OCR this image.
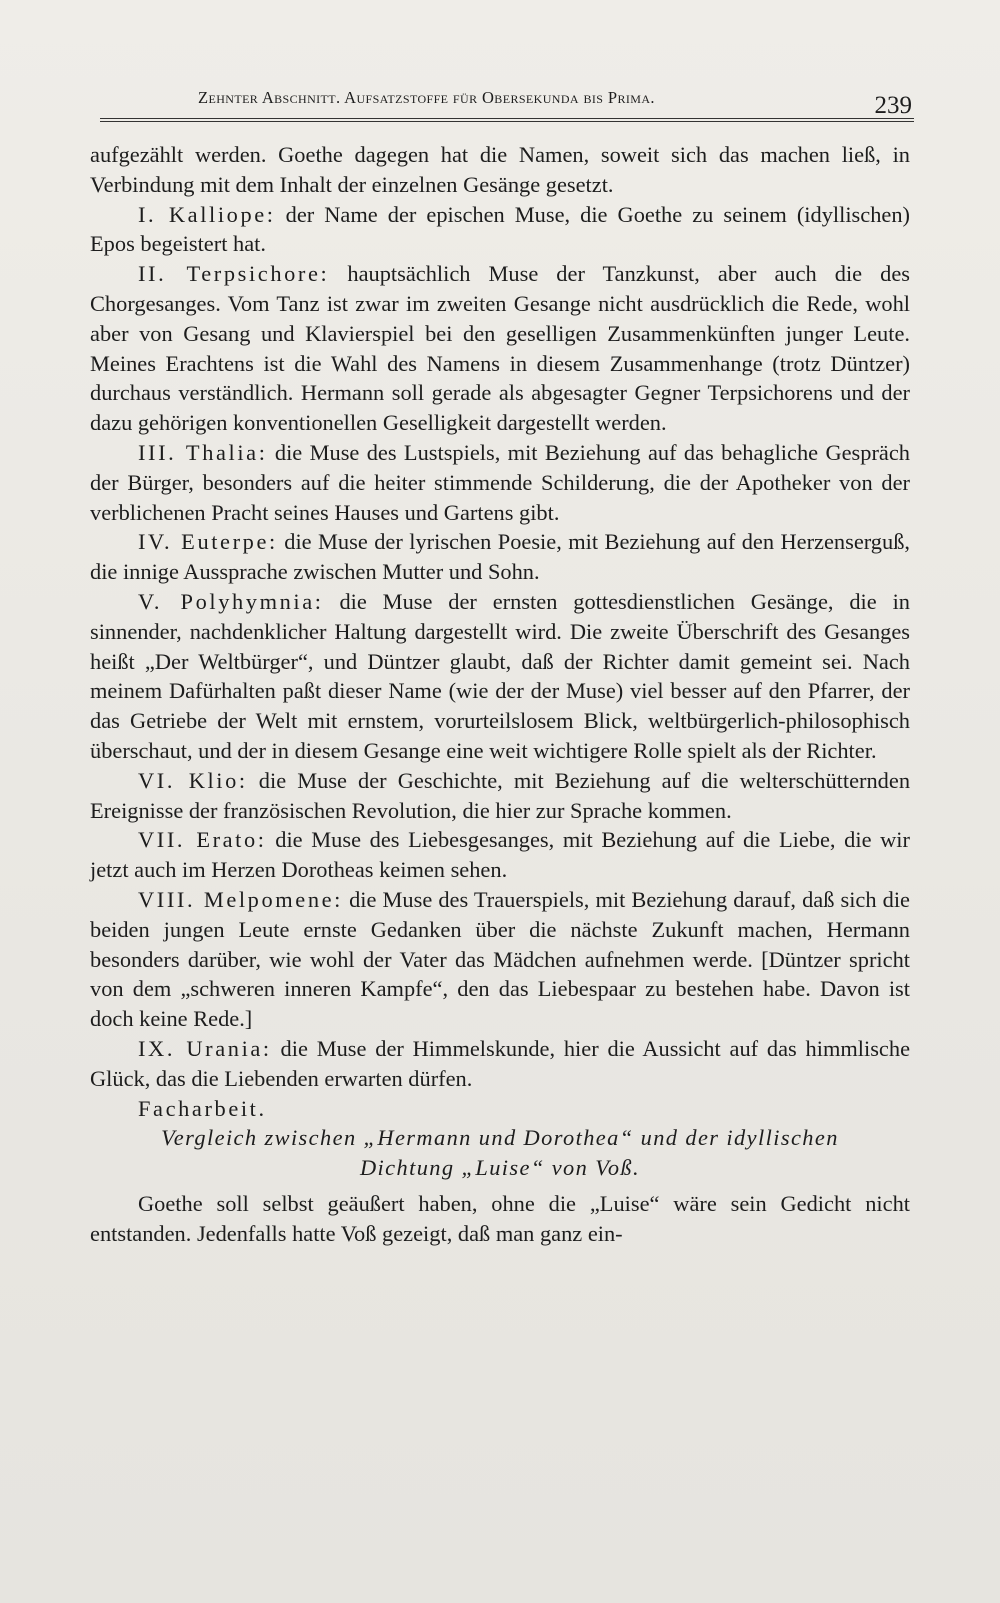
Zehnter Abschnitt. Aufsatzstoffe für Obersekunda bis Prima.	239

aufgezählt werden. Goethe dagegen hat die Namen, soweit sich das machen ließ, in Verbindung mit dem Inhalt der einzelnen Gesänge gesetzt.

I. Kalliope: der Name der epischen Muse, die Goethe zu seinem (idyllischen) Epos begeistert hat.

II. Terpsichore: hauptsächlich Muse der Tanzkunst, aber auch die des Chorgesanges. Vom Tanz ist zwar im zweiten Gesange nicht ausdrücklich die Rede, wohl aber von Gesang und Klavierspiel bei den geselligen Zusammenkünften junger Leute. Meines Erachtens ist die Wahl des Namens in diesem Zusammenhange (trotz Düntzer) durchaus verständlich. Hermann soll gerade als abgesagter Gegner Terpsichorens und der dazu gehörigen konventionellen Geselligkeit dargestellt werden.

III. Thalia: die Muse des Lustspiels, mit Beziehung auf das behagliche Gespräch der Bürger, besonders auf die heiter stimmende Schilderung, die der Apotheker von der verblichenen Pracht seines Hauses und Gartens gibt.

IV. Euterpe: die Muse der lyrischen Poesie, mit Beziehung auf den Herzenserguß, die innige Aussprache zwischen Mutter und Sohn.

V. Polyhymnia: die Muse der ernsten gottesdienstlichen Gesänge, die in sinnender, nachdenklicher Haltung dargestellt wird. Die zweite Überschrift des Gesanges heißt „Der Weltbürger“, und Düntzer glaubt, daß der Richter damit gemeint sei. Nach meinem Dafürhalten paßt dieser Name (wie der der Muse) viel besser auf den Pfarrer, der das Getriebe der Welt mit ernstem, vorurteilslosem Blick, weltbürgerlich-philosophisch überschaut, und der in diesem Gesange eine weit wichtigere Rolle spielt als der Richter.

VI. Klio: die Muse der Geschichte, mit Beziehung auf die welterschütternden Ereignisse der französischen Revolution, die hier zur Sprache kommen.

VII. Erato: die Muse des Liebesgesanges, mit Beziehung auf die Liebe, die wir jetzt auch im Herzen Dorotheas keimen sehen.

VIII. Melpomene: die Muse des Trauerspiels, mit Beziehung darauf, daß sich die beiden jungen Leute ernste Gedanken über die nächste Zukunft machen, Hermann besonders darüber, wie wohl der Vater das Mädchen aufnehmen werde. [Düntzer spricht von dem „schweren inneren Kampfe“, den das Liebespaar zu bestehen habe. Davon ist doch keine Rede.]

IX. Urania: die Muse der Himmelskunde, hier die Aussicht auf das himmlische Glück, das die Liebenden erwarten dürfen.

Facharbeit.

Vergleich zwischen „Hermann und Dorothea“ und der idyllischen

Dichtung „Luise“ von Voß.

Goethe soll selbst geäußert haben, ohne die „Luise“ wäre sein Gedicht nicht entstanden. Jedenfalls hatte Voß gezeigt, daß man ganz ein-
